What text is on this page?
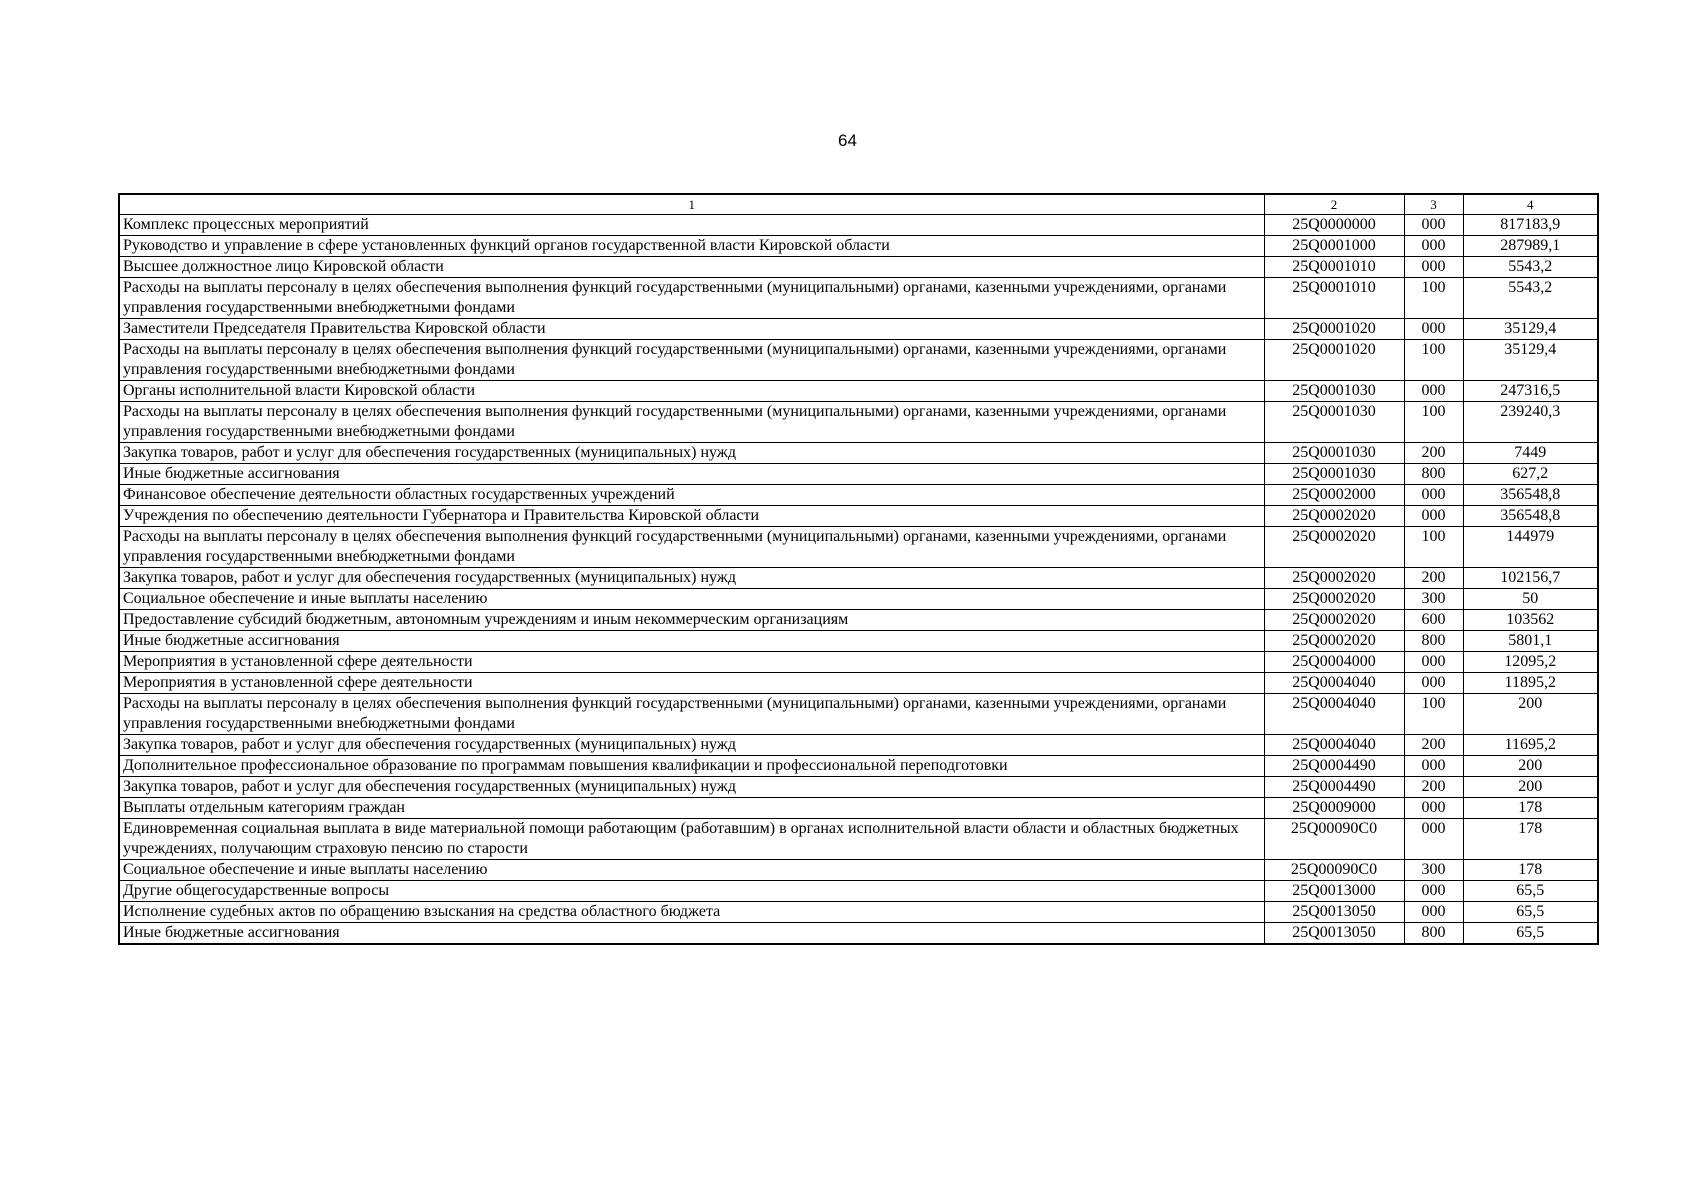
64
1	2	3	4
Комплекс процессных мероприятий	25Q0000000	000	817183,9
Руководство и управление в сфере установленных функций органов государственной власти Кировской области	25Q0001000	000	287989,1
Высшее должностное лицо Кировской области	25Q0001010	000	5543,2
Расходы на выплаты персоналу в целях обеспечения выполнения функций государственными (муниципальными) органами, казенными учреждениями, органами управления государственными внебюджетными фондами	25Q0001010	100	5543,2
Заместители Председателя Правительства Кировской области	25Q0001020	000	35129,4
Расходы на выплаты персоналу в целях обеспечения выполнения функций государственными (муниципальными) органами, казенными учреждениями, органами управления государственными внебюджетными фондами	25Q0001020	100	35129,4
Органы исполнительной власти Кировской области	25Q0001030	000	247316,5
Расходы на выплаты персоналу в целях обеспечения выполнения функций государственными (муниципальными) органами, казенными учреждениями, органами управления государственными внебюджетными фондами	25Q0001030	100	239240,3
Закупка товаров, работ и услуг для обеспечения государственных (муниципальных) нужд	25Q0001030	200	7449
Иные бюджетные ассигнования	25Q0001030	800	627,2
Финансовое обеспечение деятельности областных государственных учреждений	25Q0002000	000	356548,8
Учреждения по обеспечению деятельности Губернатора и Правительства Кировской области	25Q0002020	000	356548,8
Расходы на выплаты персоналу в целях обеспечения выполнения функций государственными (муниципальными) органами, казенными учреждениями, органами управления государственными внебюджетными фондами	25Q0002020	100	144979
Закупка товаров, работ и услуг для обеспечения государственных (муниципальных) нужд	25Q0002020	200	102156,7
Социальное обеспечение и иные выплаты населению	25Q0002020	300	50
Предоставление субсидий бюджетным, автономным учреждениям и иным некоммерческим организациям	25Q0002020	600	103562
Иные бюджетные ассигнования	25Q0002020	800	5801,1
Мероприятия в установленной сфере деятельности	25Q0004000	000	12095,2
Мероприятия в установленной сфере деятельности	25Q0004040	000	11895,2
Расходы на выплаты персоналу в целях обеспечения выполнения функций государственными (муниципальными) органами, казенными учреждениями, органами управления государственными внебюджетными фондами	25Q0004040	100	200
Закупка товаров, работ и услуг для обеспечения государственных (муниципальных) нужд	25Q0004040	200	11695,2
Дополнительное профессиональное образование по программам повышения квалификации и профессиональной переподготовки	25Q0004490	000	200
Закупка товаров, работ и услуг для обеспечения государственных (муниципальных) нужд	25Q0004490	200	200
Выплаты отдельным категориям граждан	25Q0009000	000	178
Единовременная социальная выплата в виде материальной помощи работающим (работавшим) в органах исполнительной власти области и областных бюджетных учреждениях, получающим страховую пенсию по старости	25Q00090C0	000	178
Социальное обеспечение и иные выплаты населению	25Q00090C0	300	178
Другие общегосударственные вопросы	25Q0013000	000	65,5
Исполнение судебных актов по обращению взыскания на средства областного бюджета	25Q0013050	000	65,5
Иные бюджетные ассигнования	25Q0013050	800	65,5
